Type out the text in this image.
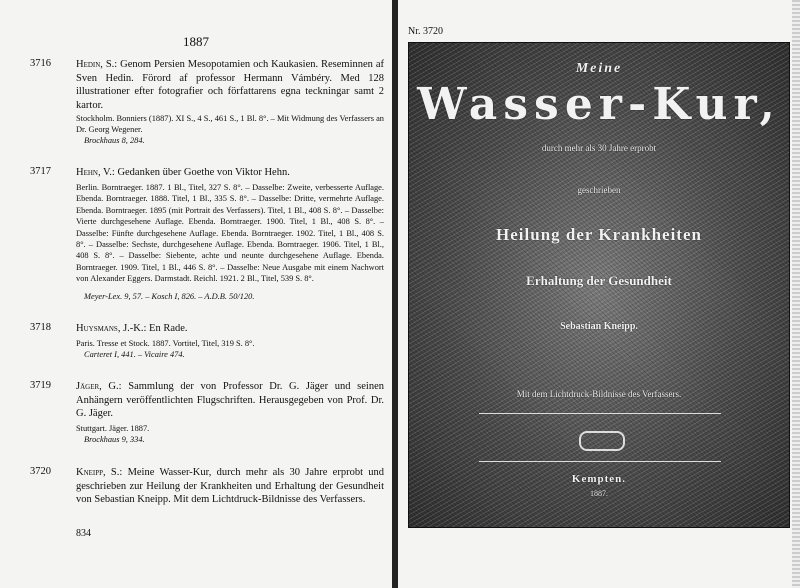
1887
3716 Hedin, S.: Genom Persien Mesopotamien och Kaukasien. Reseminnen af Sven Hedin. Förord af professor Hermann Vámbéry. Med 128 illustrationer efter fotografier och författarens egna teckningar samt 2 kartor.
Stockholm. Bonniers (1887). XI S., 4 S., 461 S., 1 Bl. 8°. – Mit Widmung des Verfassers an Dr. Georg Wegener.
Brockhaus 8, 284.
3717 Hehn, V.: Gedanken über Goethe von Viktor Hehn.
Berlin. Borntraeger. 1887. 1 Bl., Titel, 327 S. 8°. – Dasselbe: Zweite, verbesserte Auflage. Ebenda. Borntraeger. 1888. Titel, 1 Bl., 335 S. 8°. – Dasselbe: Dritte, vermehrte Auflage. Ebenda. Borntraeger. 1895 (mit Portrait des Verfassers). Titel, 1 Bl., 408 S. 8°. – Dasselbe: Vierte durchgesehene Auflage. Ebenda. Borntraeger. 1900. Titel, 1 Bl., 408 S. 8°. – Dasselbe: Fünfte durchgesehene Auflage. Ebenda. Borntraeger. 1902. Titel, 1 Bl., 408 S. 8°. – Dasselbe: Sechste, durchgesehene Auflage. Ebenda. Borntraeger. 1906. Titel, 1 Bl., 408 S. 8°. – Dasselbe: Siebente, achte und neunte durchgesehene Auflage. Ebenda. Borntraeger. 1909. Titel, 1 Bl., 446 S. 8°. – Dasselbe: Neue Ausgabe mit einem Nachwort von Alexander Eggers. Darmstadt. Reichl. 1921. 2 Bl., Titel, 539 S. 8°.
Meyer-Lex. 9, 57. – Kosch I, 826. – A.D.B. 50/120.
3718 Huysmans, J.-K.: En Rade.
Paris. Tresse et Stock. 1887. Vortitel, Titel, 319 S. 8°.
Carteret I, 441. – Vicaire 474.
3719 Jäger, G.: Sammlung der von Professor Dr. G. Jäger und seinen Anhängern veröffentlichten Flugschriften. Herausgegeben von Prof. Dr. G. Jäger.
Stuttgart. Jäger. 1887.
Brockhaus 9, 334.
3720 Kneipp, S.: Meine Wasser-Kur, durch mehr als 30 Jahre erprobt und geschrieben zur Heilung der Krankheiten und Erhaltung der Gesundheit von Sebastian Kneipp. Mit dem Lichtdruck-Bildnisse des Verfassers.
834
Nr. 3720
Meine
Wasser-Kur,
durch mehr als 30 Jahre erprobt
geschrieben
Heilung der Krankheiten
Erhaltung der Gesundheit
Sebastian Kneipp.
Mit dem Lichtdruck-Bildnisse des Verfassers.
Kempten.
1887.
